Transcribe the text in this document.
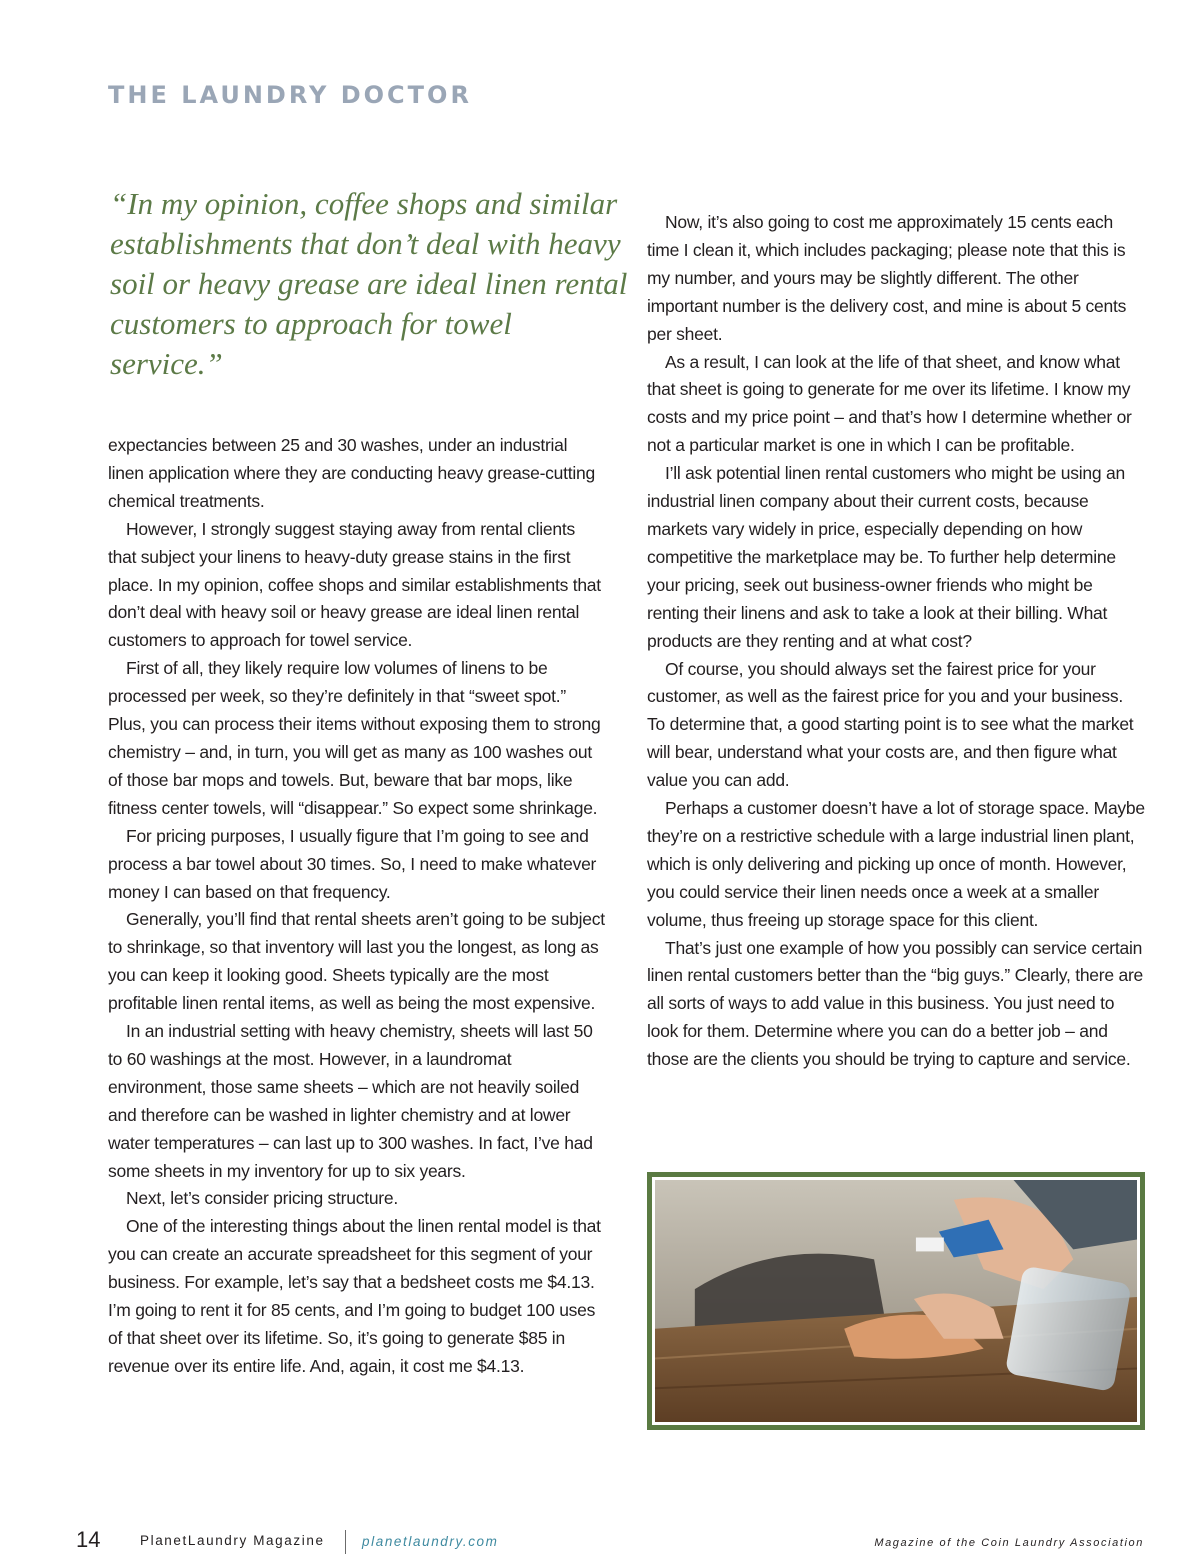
THE LAUNDRY DOCTOR
“In my opinion, coffee shops and similar establishments that don’t deal with heavy soil or heavy grease are ideal linen rental customers to approach for towel service.”

expectancies between 25 and 30 washes, under an industrial linen application where they are conducting heavy grease-cutting chemical treatments.

However, I strongly suggest staying away from rental clients that subject your linens to heavy-duty grease stains in the first place. In my opinion, coffee shops and similar establishments that don’t deal with heavy soil or heavy grease are ideal linen rental customers to approach for towel service.

First of all, they likely require low volumes of linens to be processed per week, so they’re definitely in that “sweet spot.” Plus, you can process their items without exposing them to strong chemistry – and, in turn, you will get as many as 100 washes out of those bar mops and towels. But, beware that bar mops, like fitness center towels, will “disappear.” So expect some shrinkage.

For pricing purposes, I usually figure that I’m going to see and process a bar towel about 30 times. So, I need to make whatever money I can based on that frequency.

Generally, you’ll find that rental sheets aren’t going to be subject to shrinkage, so that inventory will last you the longest, as long as you can keep it looking good. Sheets typically are the most profitable linen rental items, as well as being the most expensive.

In an industrial setting with heavy chemistry, sheets will last 50 to 60 washings at the most. However, in a laundromat environment, those same sheets – which are not heavily soiled and therefore can be washed in lighter chemistry and at lower water temperatures – can last up to 300 washes. In fact, I’ve had some sheets in my inventory for up to six years.

Next, let’s consider pricing structure.

One of the interesting things about the linen rental model is that you can create an accurate spreadsheet for this segment of your business. For example, let’s say that a bedsheet costs me $4.13. I’m going to rent it for 85 cents, and I’m going to budget 100 uses of that sheet over its lifetime. So, it’s going to generate $85 in revenue over its entire life. And, again, it cost me $4.13.

Now, it’s also going to cost me approximately 15 cents each time I clean it, which includes packaging; please note that this is my number, and yours may be slightly different. The other important number is the delivery cost, and mine is about 5 cents per sheet.

As a result, I can look at the life of that sheet, and know what that sheet is going to generate for me over its lifetime. I know my costs and my price point – and that’s how I determine whether or not a particular market is one in which I can be profitable.

I’ll ask potential linen rental customers who might be using an industrial linen company about their current costs, because markets vary widely in price, especially depending on how competitive the marketplace may be. To further help determine your pricing, seek out business-owner friends who might be renting their linens and ask to take a look at their billing. What products are they renting and at what cost?

Of course, you should always set the fairest price for your customer, as well as the fairest price for you and your business. To determine that, a good starting point is to see what the market will bear, understand what your costs are, and then figure what value you can add.

Perhaps a customer doesn’t have a lot of storage space. Maybe they’re on a restrictive schedule with a large industrial linen plant, which is only delivering and picking up once of month. However, you could service their linen needs once a week at a smaller volume, thus freeing up storage space for this client.

That’s just one example of how you possibly can service certain linen rental customers better than the “big guys.” Clearly, there are all sorts of ways to add value in this business. You just need to look for them. Determine where you can do a better job – and those are the clients you should be trying to capture and service.

14	PlanetLaundry Magazine	planetlaundry.com	Magazine of the Coin Laundry Association
